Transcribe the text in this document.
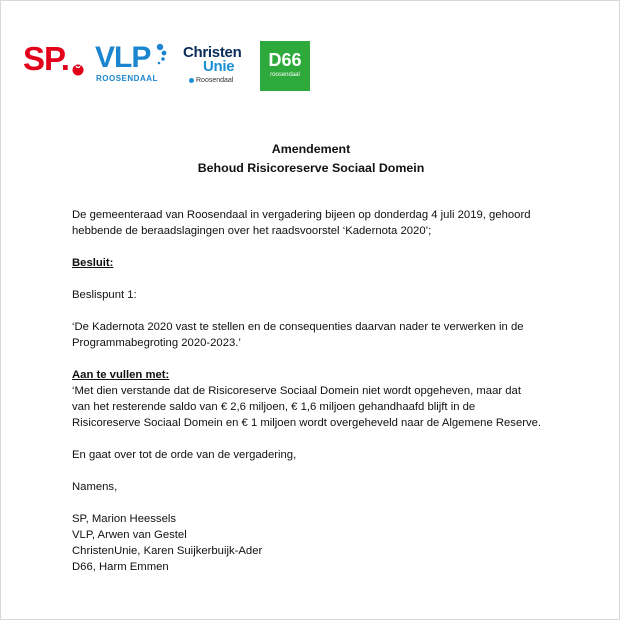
SP. VLP
ROOSENDAAL
Christen
Unie
Roosendaal
D66
roosendaal
Amendement
Behoud Risicoreserve Sociaal Domein

De gemeenteraad van Roosendaal in vergadering bijeen op donderdag 4 juli 2019, gehoord

hebbende de beraadslagingen over het raadsvoorstel ‘Kadernota 2020’;

Besluit:

Beslispunt 1:

‘De Kadernota 2020 vast te stellen en de consequenties daarvan nader te verwerken in de

Programmabegroting 2020-2023.’

Aan te vullen met:

‘Met dien verstande dat de Risicoreserve Sociaal Domein niet wordt opgeheven, maar dat

van het resterende saldo van € 2,6 miljoen, € 1,6 miljoen gehandhaafd blijft in de

Risicoreserve Sociaal Domein en € 1 miljoen wordt overgeheveld naar de Algemene Reserve.

En gaat over tot de orde van de vergadering,

Namens,

SP, Marion Heessels

VLP, Arwen van Gestel

ChristenUnie, Karen Suijkerbuijk-Ader

D66, Harm Emmen
